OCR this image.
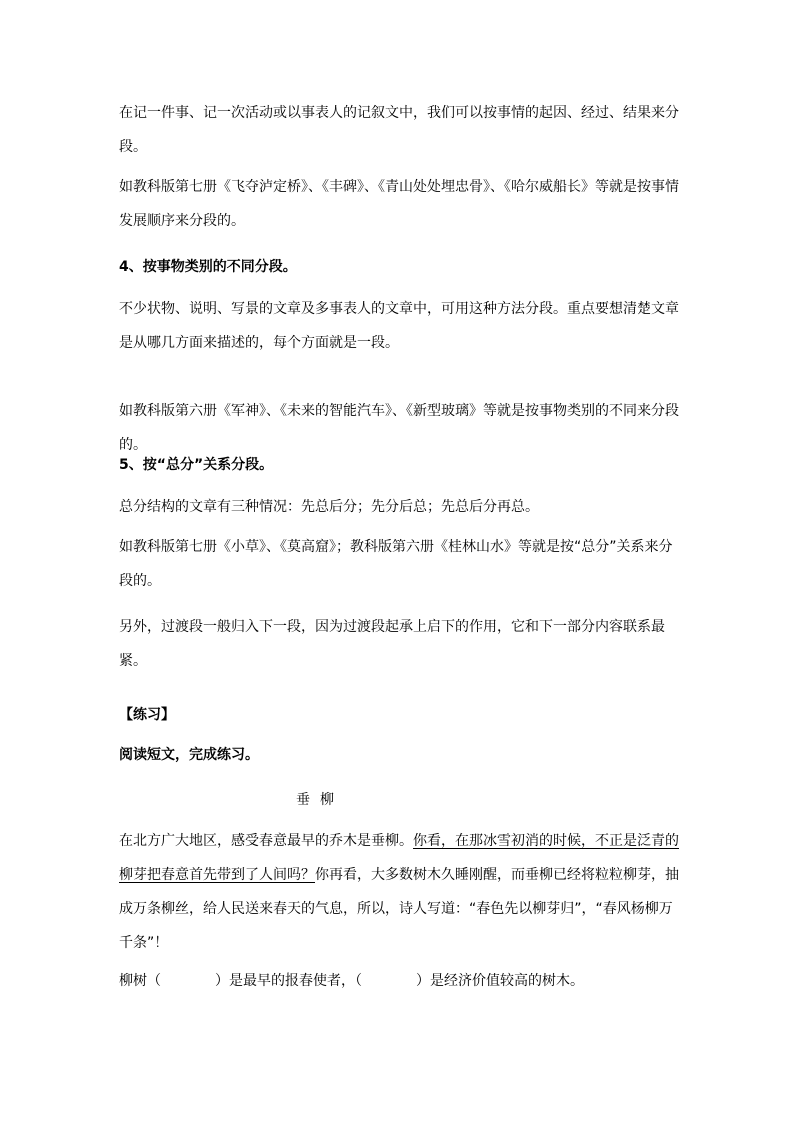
在记一件事、记一次活动或以事表人的记叙文中，我们可以按事情的起因、经过、结果来分段。

如教科版第七册《飞夺泸定桥》、《丰碑》、《青山处处埋忠骨》、《哈尔威船长》等就是按事情发展顺序来分段的。

4、按事物类别的不同分段。

不少状物、说明、写景的文章及多事表人的文章中，可用这种方法分段。重点要想清楚文章是从哪几方面来描述的，每个方面就是一段。

如教科版第六册《军神》、《未来的智能汽车》、《新型玻璃》等就是按事物类别的不同来分段的。

5、按“总分”关系分段。

总分结构的文章有三种情况：先总后分；先分后总；先总后分再总。

如教科版第七册《小草》、《莫高窟》；教科版第六册《桂林山水》等就是按“总分”关系来分段的。

另外，过渡段一般归入下一段，因为过渡段起承上启下的作用，它和下一部分内容联系最紧。

【练习】

阅读短文，完成练习。

垂柳

在北方广大地区，感受春意最早的乔木是垂柳。你看，在那冰雪初消的时候，不正是泛青的柳芽把春意首先带到了人间吗？你再看，大多数树木久睡刚醒，而垂柳已经将粒粒柳芽，抽成万条柳丝，给人民送来春天的气息，所以，诗人写道：“春色先以柳芽归”，“春风杨柳万千条”！

柳树（	）是最早的报春使者，（	）是经济价值较高的树木。
